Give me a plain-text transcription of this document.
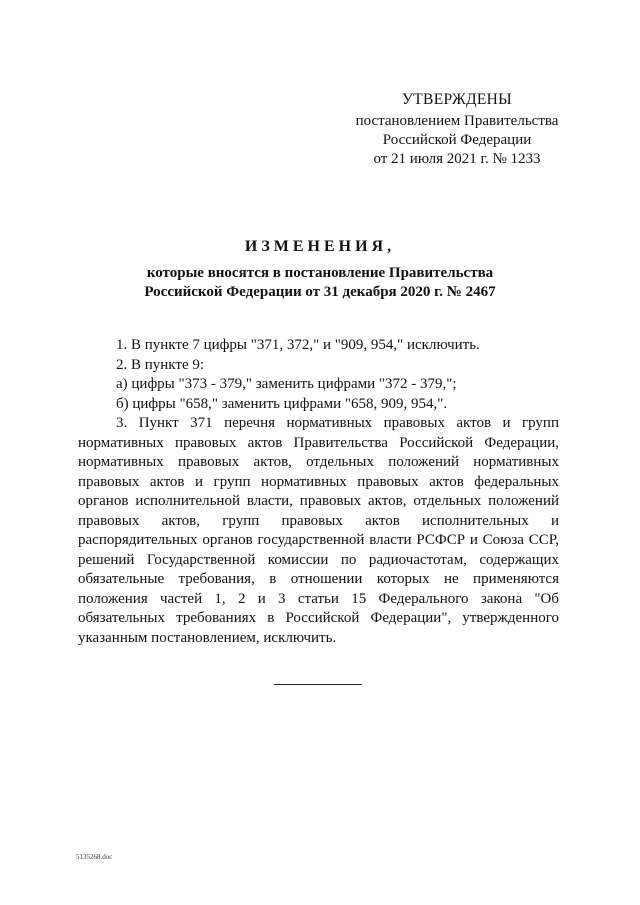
УТВЕРЖДЕНЫ
постановлением Правительства
Российской Федерации
от 21 июля 2021 г. № 1233
ИЗМЕНЕНИЯ,
которые вносятся в постановление Правительства
Российской Федерации от 31 декабря 2020 г. № 2467

1. В пункте 7 цифры "371, 372," и "909, 954," исключить.

2. В пункте 9:

а) цифры "373 - 379," заменить цифрами "372 - 379,";

б) цифры "658," заменить цифрами "658, 909, 954,".

3. Пункт 371 перечня нормативных правовых актов и групп нормативных правовых актов Правительства Российской Федерации, нормативных правовых актов, отдельных положений нормативных правовых актов и групп нормативных правовых актов федеральных органов исполнительной власти, правовых актов, отдельных положений правовых актов, групп правовых актов исполнительных и распорядительных органов государственной власти РСФСР и Союза ССР, решений Государственной комиссии по радиочастотам, содержащих обязательные требования, в отношении которых не применяются положения частей 1, 2 и 3 статьи 15 Федерального закона "Об обязательных требованиях в Российской Федерации", утвержденного указанным постановлением, исключить.

5135268.doc
